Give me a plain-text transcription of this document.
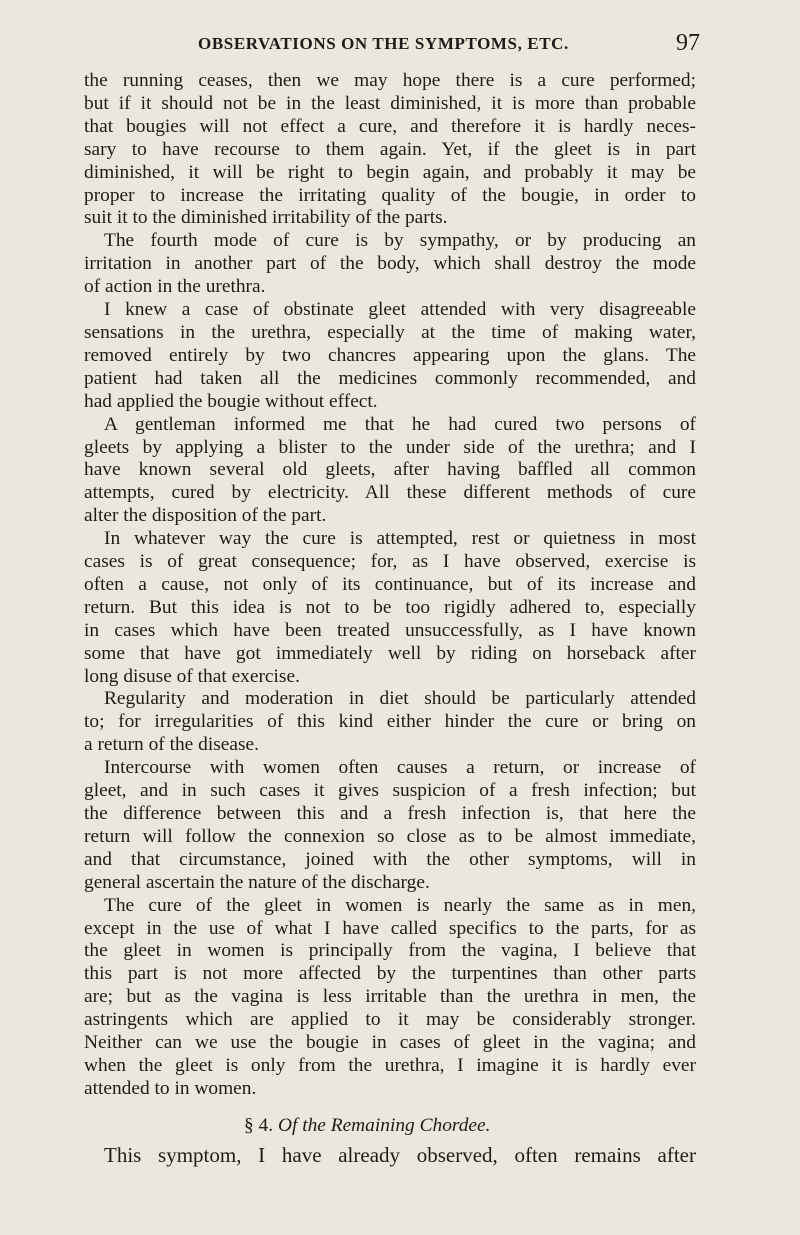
OBSERVATIONS ON THE SYMPTOMS, ETC.	97
the running ceases, then we may hope there is a cure performed;
but if it should not be in the least diminished, it is more than probable
that bougies will not effect a cure, and therefore it is hardly neces-
sary to have recourse to them again. Yet, if the gleet is in part
diminished, it will be right to begin again, and probably it may be
proper to increase the irritating quality of the bougie, in order to
suit it to the diminished irritability of the parts.
The fourth mode of cure is by sympathy, or by producing an
irritation in another part of the body, which shall destroy the mode
of action in the urethra.
I knew a case of obstinate gleet attended with very disagreeable
sensations in the urethra, especially at the time of making water,
removed entirely by two chancres appearing upon the glans. The
patient had taken all the medicines commonly recommended, and
had applied the bougie without effect.
A gentleman informed me that he had cured two persons of
gleets by applying a blister to the under side of the urethra; and I
have known several old gleets, after having baffled all common
attempts, cured by electricity. All these different methods of cure
alter the disposition of the part.
In whatever way the cure is attempted, rest or quietness in most
cases is of great consequence; for, as I have observed, exercise is
often a cause, not only of its continuance, but of its increase and
return. But this idea is not to be too rigidly adhered to, especially
in cases which have been treated unsuccessfully, as I have known
some that have got immediately well by riding on horseback after
long disuse of that exercise.
Regularity and moderation in diet should be particularly attended
to; for irregularities of this kind either hinder the cure or bring on
a return of the disease.
Intercourse with women often causes a return, or increase of
gleet, and in such cases it gives suspicion of a fresh infection; but
the difference between this and a fresh infection is, that here the
return will follow the connexion so close as to be almost immediate,
and that circumstance, joined with the other symptoms, will in
general ascertain the nature of the discharge.
The cure of the gleet in women is nearly the same as in men,
except in the use of what I have called specifics to the parts, for as
the gleet in women is principally from the vagina, I believe that
this part is not more affected by the turpentines than other parts
are; but as the vagina is less irritable than the urethra in men, the
astringents which are applied to it may be considerably stronger.
Neither can we use the bougie in cases of gleet in the vagina; and
when the gleet is only from the urethra, I imagine it is hardly ever
attended to in women.
§ 4. Of the Remaining Chordee.
This symptom, I have already observed, often remains after
